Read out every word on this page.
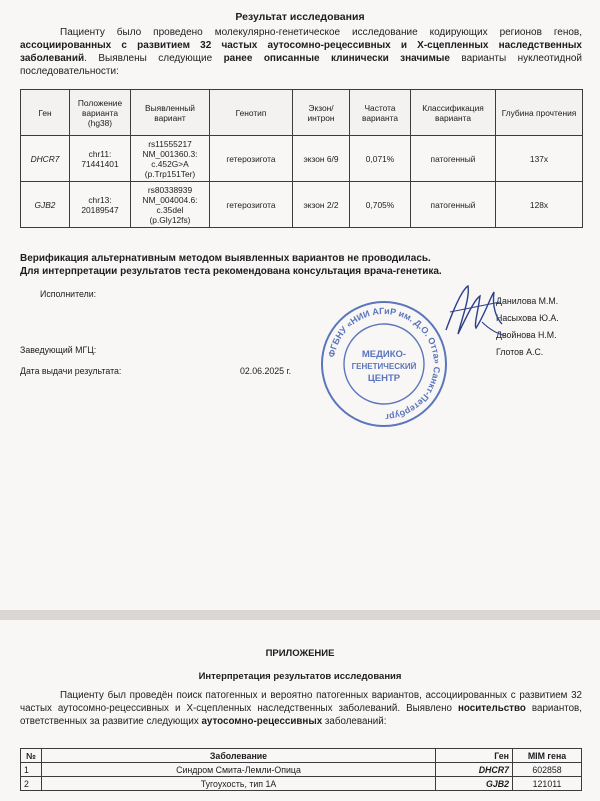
Результат исследования

Пациенту было проведено молекулярно-генетическое исследование кодирующих регионов генов, ассоциированных с развитием 32 частых аутосомно-рецессивных и Х-сцепленных наследственных заболеваний. Выявлены следующие ранее описанные клинически значимые варианты нуклеотидной последовательности:

Ген	Положение варианта (hg38)	Выявленный вариант	Генотип	Экзон/ интрон	Частота варианта	Классификация варианта	Глубина прочтения
DHCR7	chr11: 71441401	rs11555217
NM_001360.3:
c.452G>A
(p.Trp151Ter)	гетерозигота	экзон 6/9	0,071%	патогенный	137x
GJB2	chr13: 20189547	rs80338939
NM_004004.6:
c.35del
(p.Gly12fs)	гетерозигота	экзон 2/2	0,705%	патогенный	128x

Верификация альтернативным методом выявленных вариантов не проводилась.
Для интерпретации результатов теста рекомендована консультация врача-генетика.

Исполнители:
Заведующий МГЦ:
Дата выдачи результата:	02.06.2025 г.
Данилова М.М.
Насыхова Ю.А.
Двойнова Н.М.
Глотов А.С.
ФГБНУ «НИИ АГиР им. Д.О. Отта» Санкт-Петербург
МЕДИКО-
ГЕНЕТИЧЕСКИЙ
ЦЕНТР
ПРИЛОЖЕНИЕ
Интерпретация результатов исследования

Пациенту был проведён поиск патогенных и вероятно патогенных вариантов, ассоциированных с развитием 32 частых аутосомно-рецессивных и Х-сцепленных наследственных заболеваний. Выявлено носительство вариантов, ответственных за развитие следующих аутосомно-рецессивных заболеваний:

№	Заболевание	Ген	MIM гена
1	Синдром Смита-Лемли-Опица	DHCR7	602858
2	Тугоухость, тип 1А	GJB2	121011
